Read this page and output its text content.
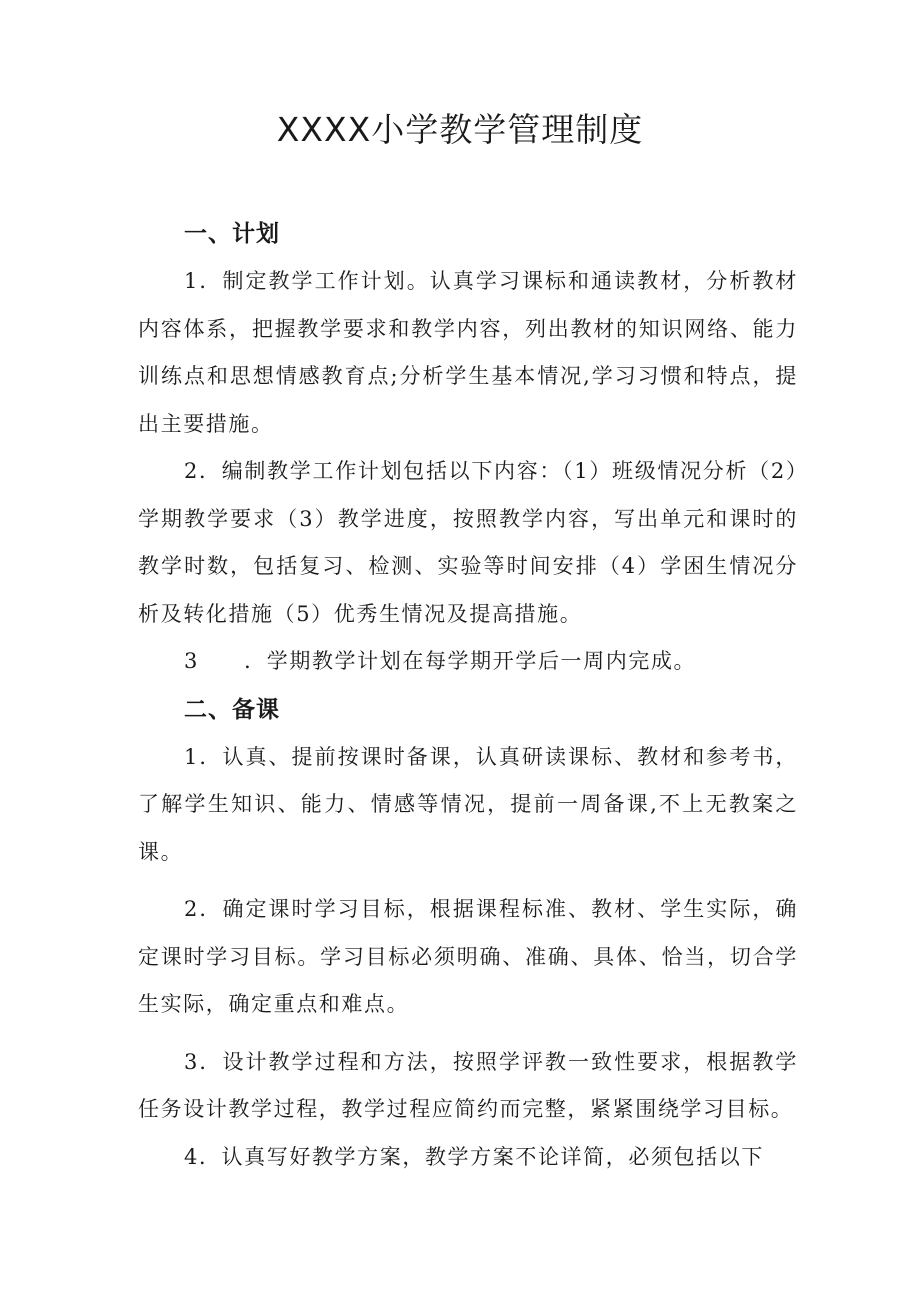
XXXX小学教学管理制度
一、计划

1．制定教学工作计划。认真学习课标和通读教材，分析教材内容体系，把握教学要求和教学内容，列出教材的知识网络、能力训练点和思想情感教育点;分析学生基本情况,学习习惯和特点，提出主要措施。

2．编制教学工作计划包括以下内容：（1）班级情况分析（2）学期教学要求（3）教学进度，按照教学内容，写出单元和课时的教学时数，包括复习、检测、实验等时间安排（4）学困生情况分析及转化措施（5）优秀生情况及提高措施。

3　　．学期教学计划在每学期开学后一周内完成。

二、备课

1．认真、提前按课时备课，认真研读课标、教材和参考书，了解学生知识、能力、情感等情况，提前一周备课,不上无教案之课。

2．确定课时学习目标，根据课程标准、教材、学生实际，确定课时学习目标。学习目标必须明确、准确、具体、恰当，切合学生实际，确定重点和难点。

3．设计教学过程和方法，按照学评教一致性要求，根据教学任务设计教学过程，教学过程应简约而完整，紧紧围绕学习目标。

4．认真写好教学方案，教学方案不论详简，必须包括以下
